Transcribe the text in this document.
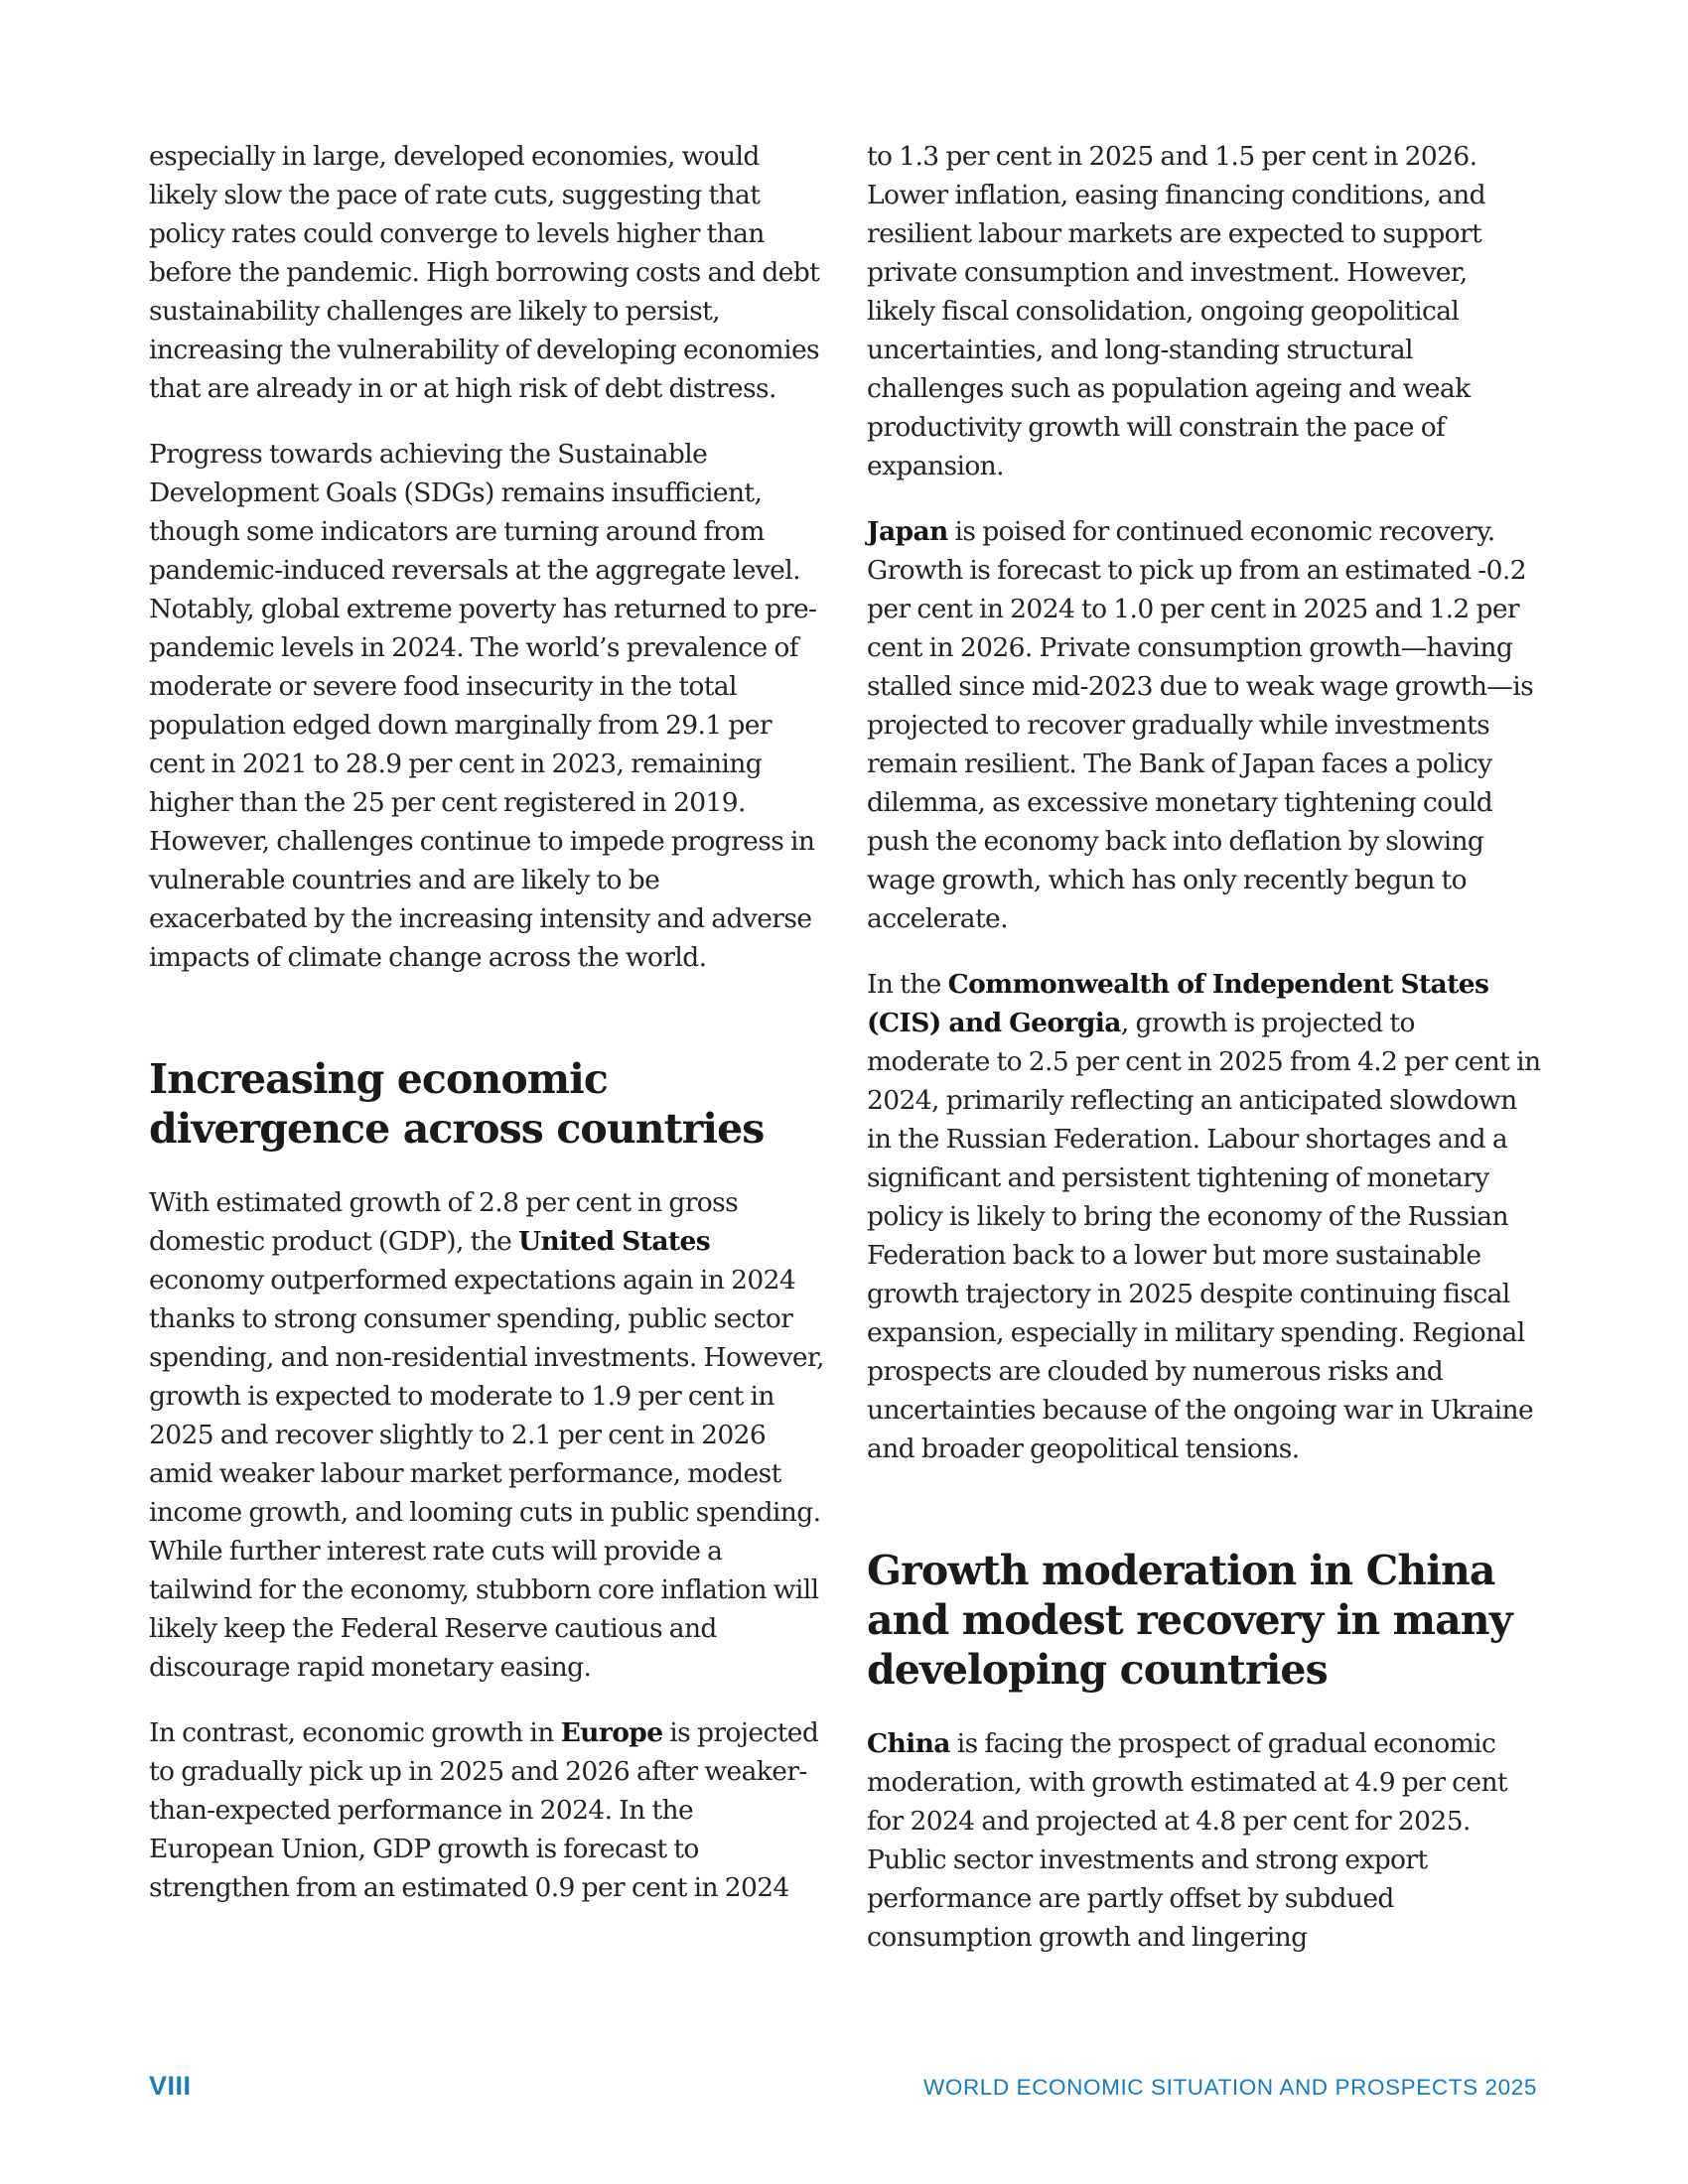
especially in large, developed economies, would likely slow the pace of rate cuts, suggesting that policy rates could converge to levels higher than before the pandemic. High borrowing costs and debt sustainability challenges are likely to persist, increasing the vulnerability of developing economies that are already in or at high risk of debt distress.

Progress towards achieving the Sustainable Development Goals (SDGs) remains insufficient, though some indicators are turning around from pandemic-induced reversals at the aggregate level. Notably, global extreme poverty has returned to pre-pandemic levels in 2024. The world’s prevalence of moderate or severe food insecurity in the total population edged down marginally from 29.1 per cent in 2021 to 28.9 per cent in 2023, remaining higher than the 25 per cent registered in 2019. However, challenges continue to impede progress in vulnerable countries and are likely to be exacerbated by the increasing intensity and adverse impacts of climate change across the world.

Increasing economic divergence across countries

With estimated growth of 2.8 per cent in gross domestic product (GDP), the United States economy outperformed expectations again in 2024 thanks to strong consumer spending, public sector spending, and non-residential investments. However, growth is expected to moderate to 1.9 per cent in 2025 and recover slightly to 2.1 per cent in 2026 amid weaker labour market performance, modest income growth, and looming cuts in public spending. While further interest rate cuts will provide a tailwind for the economy, stubborn core inflation will likely keep the Federal Reserve cautious and discourage rapid monetary easing.

In contrast, economic growth in Europe is projected to gradually pick up in 2025 and 2026 after weaker-than-expected performance in 2024. In the European Union, GDP growth is forecast to strengthen from an estimated 0.9 per cent in 2024

to 1.3 per cent in 2025 and 1.5 per cent in 2026. Lower inflation, easing financing conditions, and resilient labour markets are expected to support private consumption and investment. However, likely fiscal consolidation, ongoing geopolitical uncertainties, and long-standing structural challenges such as population ageing and weak productivity growth will constrain the pace of expansion.

Japan is poised for continued economic recovery. Growth is forecast to pick up from an estimated -0.2 per cent in 2024 to 1.0 per cent in 2025 and 1.2 per cent in 2026. Private consumption growth—having stalled since mid-2023 due to weak wage growth—is projected to recover gradually while investments remain resilient. The Bank of Japan faces a policy dilemma, as excessive monetary tightening could push the economy back into deflation by slowing wage growth, which has only recently begun to accelerate.

In the Commonwealth of Independent States (CIS) and Georgia, growth is projected to moderate to 2.5 per cent in 2025 from 4.2 per cent in 2024, primarily reflecting an anticipated slowdown in the Russian Federation. Labour shortages and a significant and persistent tightening of monetary policy is likely to bring the economy of the Russian Federation back to a lower but more sustainable growth trajectory in 2025 despite continuing fiscal expansion, especially in military spending. Regional prospects are clouded by numerous risks and uncertainties because of the ongoing war in Ukraine and broader geopolitical tensions.

Growth moderation in China and modest recovery in many developing countries

China is facing the prospect of gradual economic moderation, with growth estimated at 4.9 per cent for 2024 and projected at 4.8 per cent for 2025. Public sector investments and strong export performance are partly offset by subdued consumption growth and lingering

VIII	WORLD ECONOMIC SITUATION AND PROSPECTS 2025
